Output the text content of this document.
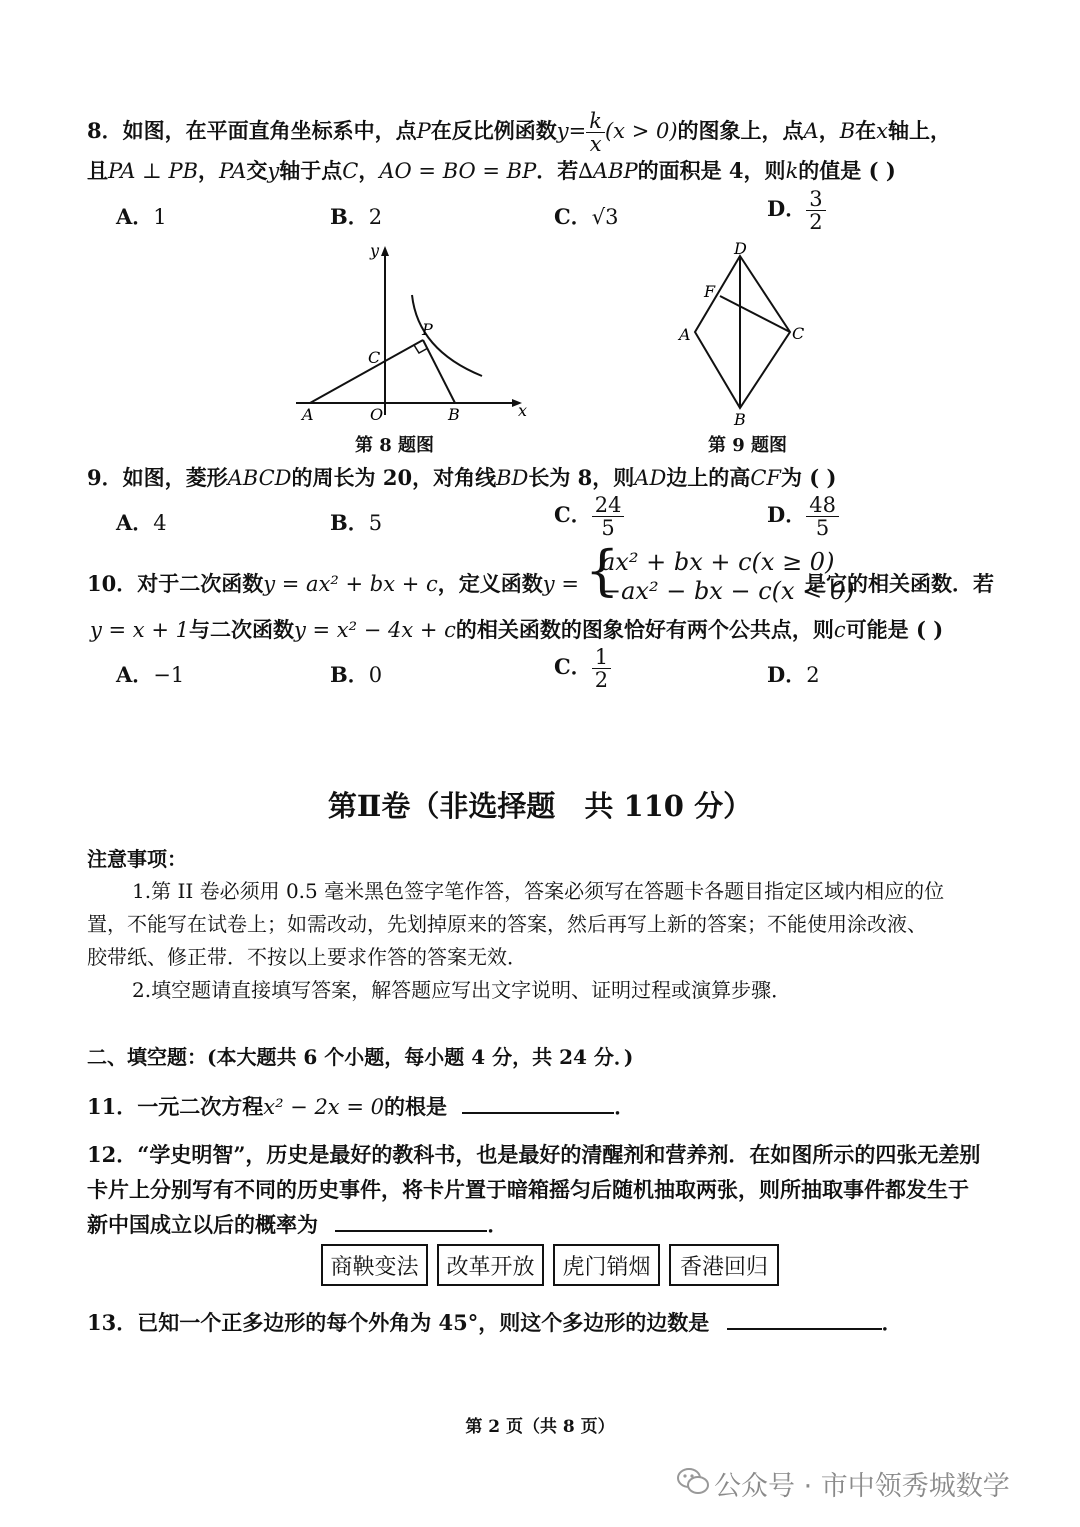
8．如图，在平面直角坐标系中，点P在反比例函数$y= \frac{k}{x} (x > 0)$的图象上，点A，B在x轴上，
且PA ⊥ PB，PA交y轴于点C，AO = BO = BP．若∆ABP的面积是 4，则k的值是 ( )
A．1	B．2	C．√3	D． $\frac{3}{2}$
y
x
A	O	B
C
P
第 8 题图
D
F
A	C
B
第 9 题图
9．如图，菱形ABCD的周长为 20，对角线BD长为 8，则AD边上的高CF为 ( )
A．4	B．5	C． $\frac{24}{5}$	D． $\frac{48}{5}$
10．对于二次函数y = ax² + bx + c，定义函数y = {
ax² + bx + c(x ≥ 0)
−ax² − bx − c(x < 0)
是它的相关函数．若
y = x + 1与二次函数y = x² − 4x + c的相关函数的图象恰好有两个公共点，则c可能是 ( )
A．−1	B．0	C． $\frac{1}{2}$	D．2
第Ⅱ卷（非选择题　共 110 分）
注意事项：
1.第 II 卷必须用 0.5 毫米黑色签字笔作答，答案必须写在答题卡各题目指定区域内相应的位
置，不能写在试卷上；如需改动，先划掉原来的答案，然后再写上新的答案；不能使用涂改液、
胶带纸、修正带．不按以上要求作答的答案无效．
2.填空题请直接填写答案，解答题应写出文字说明、证明过程或演算步骤．
二、填空题：(本大题共 6 个小题，每小题 4 分，共 24 分．)
11．一元二次方程x² − 2x = 0的根是	．
12．“学史明智”，历史是最好的教科书，也是最好的清醒剂和营养剂．在如图所示的四张无差别
卡片上分别写有不同的历史事件，将卡片置于暗箱摇匀后随机抽取两张，则所抽取事件都发生于
新中国成立以后的概率为	．
商鞅变法	改革开放	虎门销烟	香港回归
13．已知一个正多边形的每个外角为 45°，则这个多边形的边数是	．
第 2 页（共 8 页）
公众号 · 市中领秀城数学
